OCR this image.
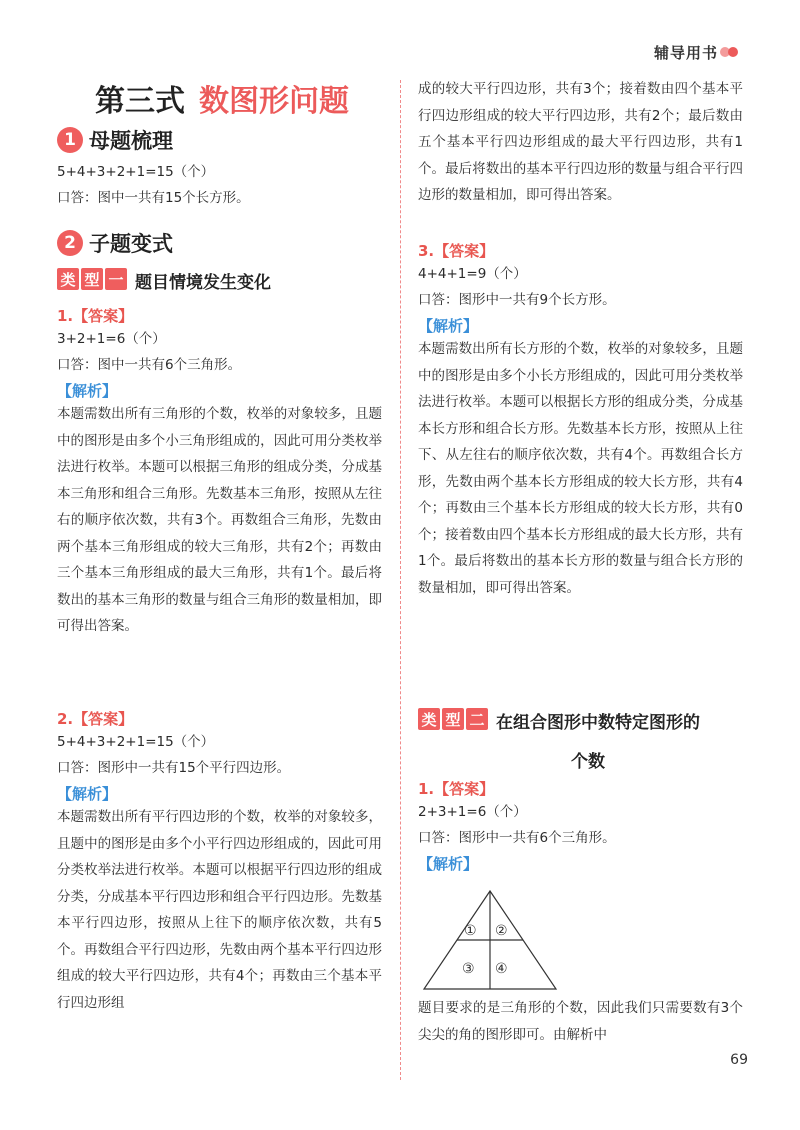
辅导用书
第三式 数图形问题
1 母题梳理
5+4+3+2+1=15（个）
口答：图中一共有15个长方形。
2 子题变式
类 型 一 题目情境发生变化
1.【答案】
3+2+1=6（个）
口答：图中一共有6个三角形。
【解析】
本题需数出所有三角形的个数，枚举的对象较多，且题中的图形是由多个小三角形组成的，因此可用分类枚举法进行枚举。本题可以根据三角形的组成分类，分成基本三角形和组合三角形。先数基本三角形，按照从左往右的顺序依次数，共有3个。再数组合三角形，先数由两个基本三角形组成的较大三角形，共有2个；再数由三个基本三角形组成的最大三角形，共有1个。最后将数出的基本三角形的数量与组合三角形的数量相加，即可得出答案。
2.【答案】
5+4+3+2+1=15（个）
口答：图形中一共有15个平行四边形。
【解析】
本题需数出所有平行四边形的个数，枚举的对象较多，且题中的图形是由多个小平行四边形组成的，因此可用分类枚举法进行枚举。本题可以根据平行四边形的组成分类，分成基本平行四边形和组合平行四边形。先数基本平行四边形，按照从上往下的顺序依次数，共有5个。再数组合平行四边形，先数由两个基本平行四边形组成的较大平行四边形，共有4个；再数由三个基本平行四边形组
成的较大平行四边形，共有3个；接着数由四个基本平行四边形组成的较大平行四边形，共有2个；最后数由五个基本平行四边形组成的最大平行四边形，共有1个。最后将数出的基本平行四边形的数量与组合平行四边形的数量相加，即可得出答案。
3.【答案】
4+4+1=9（个）
口答：图形中一共有9个长方形。
【解析】
本题需数出所有长方形的个数，枚举的对象较多，且题中的图形是由多个小长方形组成的，因此可用分类枚举法进行枚举。本题可以根据长方形的组成分类，分成基本长方形和组合长方形。先数基本长方形，按照从上往下、从左往右的顺序依次数，共有4个。再数组合长方形，先数由两个基本长方形组成的较大长方形，共有4个；再数由三个基本长方形组成的较大长方形，共有0个；接着数由四个基本长方形组成的最大长方形，共有1个。最后将数出的基本长方形的数量与组合长方形的数量相加，即可得出答案。
类 型 二 在组合图形中数特定图形的
个数
1.【答案】
2+3+1=6（个）
口答：图形中一共有6个三角形。
【解析】
① ②
③ ④
题目要求的是三角形的个数，因此我们只需要数有3个尖尖的角的图形即可。由解析中
69
